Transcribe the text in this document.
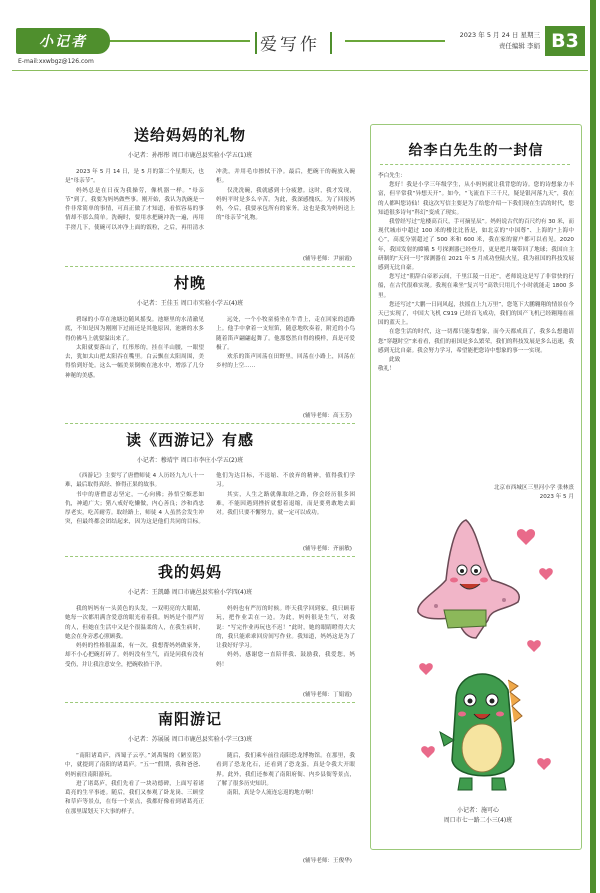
小记者
E-mail:xxwbgz@126.com
爱写作	2023 年 5 月 24 日 星期三
责任编辑 李娟 B3
送给妈妈的礼物
小记者：孙彤彤 周口市鹿邑县实验小学五(1)班

2023 年 5 月 14 日，是 5 月的第二个星期天，也是“母亲节”。

妈妈总是在日夜为我操劳，像机器一样。“母亲节”到了，我要为妈妈做些事。刚开始，我认为洗碗是一件非常简单的事情，可真正做了才知道，看似容易的事情却不那么简单。洗碗时，要用水把碗冲洗一遍，再用手搓几下，使碗可以冲净上面的饭粒，之后，再用清水冲洗，并用毛巾擦拭干净。最后，把碗干的碗放入碗柜。

仅洗洗碗，我就感到十分疲惫。这时，我才发现，妈妈平时是多么辛苦。为此，我深感愧疚。为了回报妈妈，今后，我要承包所有的家务。这也是我为妈妈送上的“母亲节”礼物。

(辅导老师：尹丽霞)
村晚
小记者：王佳玉 周口市实验小学五(4)班

碧绿的小草在池塘边随风摇曳。池塘里的水清澈见底，不知是因为刚刚下过雨还是其他原因，池塘的水多得仿佛马上就要溢出来了。

太阳就要落山了，红彤彤的，挂在半山腰，一眼望去，犹如太山把太阳吞在嘴里。白云飘在太阳周围，美得恰到好处。这么一幅美景倒映在池水中，增添了几分神秘的美感。

远处，一个小牧童骑坐在牛背上，走在回家的道路上。他手中拿着一支短笛，随意地吹奏着，附近的小鸟随着笛声翩翩起舞了。他那悠然自得的模样，真是可爱极了。

欢乐的笛声回荡在田野里，回荡在小路上，回荡在乡村的上空……

(辅导老师：高玉芳)
读《西游记》有感
小记者：穆靖宇 周口市李庄小学五(2)班

《西游记》主要写了唐僧师徒 4 人历经九九八十一难，最后取得真经、修得正果的故事。

书中的唐僧意志坚定，一心向佛；孙悟空嫉恶如仇，神通广大；猪八戒好吃懒做，内心善良；沙和尚忠厚老实，吃苦耐劳。取经路上，师徒 4 人虽然会发生冲突，但最终都会团结起来，因为这是他们共同的目标。他们为达目标，不退缩、不放弃的精神，值得我们学习。

其实，人生之路就像取经之路，你会经历很多困难，不能因遇到挫折就想着退缩，而是要勇敢地去面对。我们只要不懈努力，就一定可以成功。

(辅导老师：齐丽敏)
我的妈妈
小记者：王凯璐 周口市鹿邑县实验小学四(4)班

我的妈妈有一头黄色的头发，一双明亮的大眼睛，她每一次都用满含爱意的眼光看着我。妈妈是个很严厉的人，但她在生活中又是个很温柔的人，在我生病时，她会在身旁悉心照顾我。

妈妈的性格很温柔，有一次，我想帮妈妈做家务，却不小心把碗打碎了。妈妈没有生气，而是问我有没有受伤，并让我注意安全，把碗收拾干净。

妈妈也有严厉的时候。昨天我学回到家，我只顾着玩，把作业丢在一边。为此，妈妈很是生气，对我说：“写完作业再玩也不迟！”此时，她的眼睛瞪得大大的，我只能乖乖回房间写作业。我知道，妈妈这是为了让我好好学习。

妈妈，感谢您一直陪伴我、鼓励我，我爱您，妈妈！

(辅导老师：丁娟霞)
南阳游记
小记者：苏展展 周口市鹿邑县实验小学三(3)班

“南阳诸葛庐，西蜀子云亭。”刘禹锡的《陋室铭》中，就提到了南阳的诸葛庐。“五一”假期，我和爸爸、妈妈前往南阳游玩。

进了诸葛庐，我们先看了一块功德碑，上面写着诸葛亮的生平事迹。随后，我们又参观了卧龙岗、三顾堂和草庐等景点，在每一个景点，我都好像看到诸葛亮正在那里谋划天下大事的样子。

随后，我们乘车前往南阳恐龙博物馆。在那里，我看到了恐龙化石，还看到了恐龙蛋，真是令我大开眼界。此外，我们还参观了南阳府衙、内乡县衙等景点，了解了很多历史知识。

南阳，真是令人流连忘返的地方啊！

(辅导老师：王俊华)
给李白先生的一封信

李白先生：

您好！我是小学三年级学生，从小妈妈就让我背您的诗。您的诗想象力丰富，但平常我“异想天开”。如今，“飞流直下三千尺，疑是银河落九天”，我在的人都叫您诗仙！我这次写信主要是为了给您介绍一下我们现在生活的时代，您知道很多诗句“科幻”变成了现实。

我曾经写过“危楼高百尺，手可摘星辰”。妈妈说古代的百尺约有 30 米，而现代城市中超过 100 米的楼比比皆是，如北京的“中国尊”、上海的“上海中心”，高度分别超过了 500 米和 600 米，我在家的窗户都可以看见。2020 年，我国发射的嫦娥 5 号探测器已经登月，更是把月壤带回了地球；我国自主研制的“天问一号”探测器在 2021 年 5 月成功登陆火星，我为祖国的科技发展感到无比自豪。

您写过“朝辞白帝彩云间，千里江陵一日还”，老师说这是写了非常快的行船，在古代很难实现。我现在乘坐“复兴号”高铁只用几个小时就能走 1800 多里。

您还写过“大鹏一日同风起，扶摇直上九万里”，您笔下大鹏翱翔的情景在今天已实现了，中国大飞机 C919 已经首飞成功，我们的国产飞机已经翱翔在祖国的蓝天上。

在您生活的时代，这一切都只能靠想象，而今天都成真了，我多么想邀请您“穿越时空”来看看，我们的祖国是多么繁荣，我们的科技发展是多么迅速，我感到无比自豪。我会努力学习，希望能把您诗中想象的事一一实现。

此致

敬礼！

北京市西城区三里河小学 张林熹
2023 年 5 月
小记者：施可心
周口市七一路二小三(4)班
